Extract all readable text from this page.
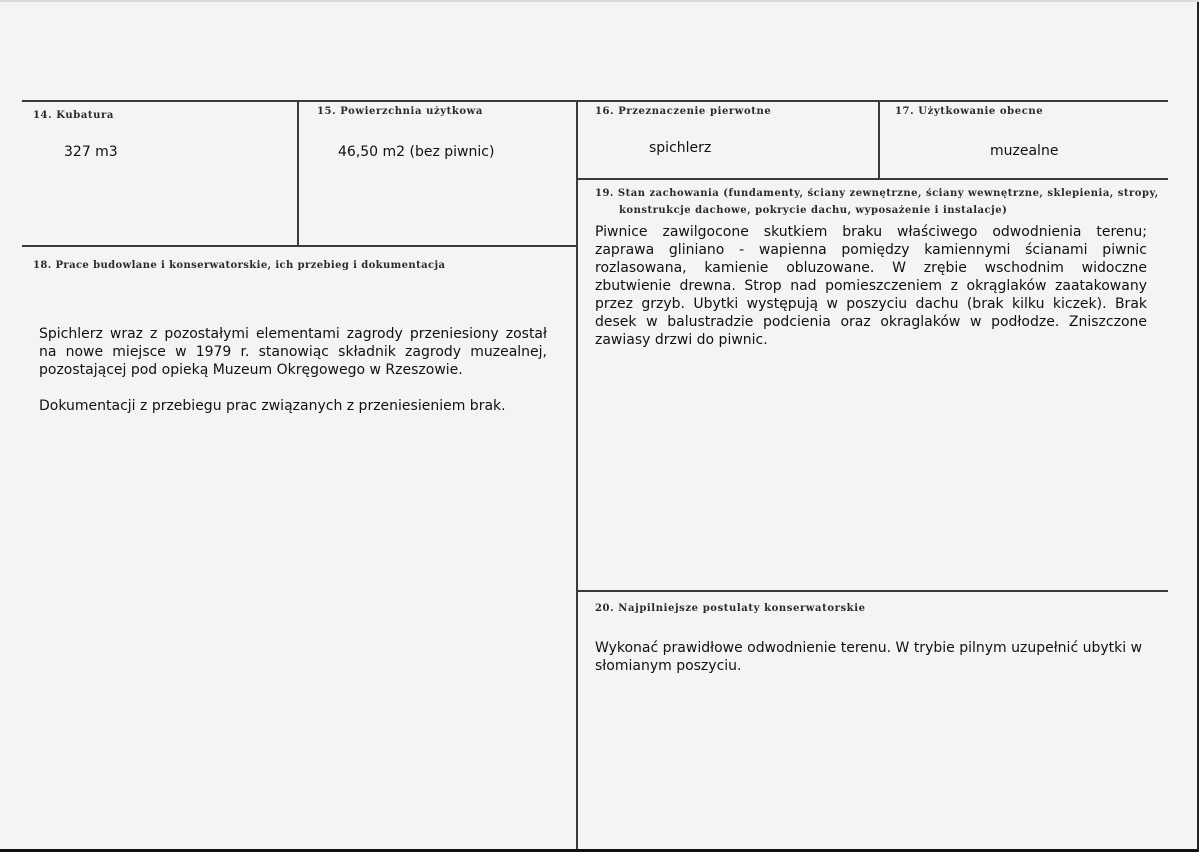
14. Kubatura
327 m3
15. Powierzchnia użytkowa
46,50 m2 (bez piwnic)
16. Przeznaczenie pierwotne
spichlerz
17. Użytkowanie obecne
muzealne
19. Stan zachowania (fundamenty, ściany zewnętrzne, ściany wewnętrzne, sklepienia, stropy,
konstrukcje dachowe, pokrycie dachu, wyposażenie i instalacje)
Piwnice zawilgocone skutkiem braku właściwego odwodnienia terenu; zaprawa gliniano - wapienna pomiędzy kamiennymi ścianami piwnic rozlasowana, kamienie obluzowane. W zrębie wschodnim widoczne zbutwienie drewna. Strop nad pomieszczeniem z okrąglaków zaatakowany przez grzyb. Ubytki występują w poszyciu dachu (brak kilku kiczek). Brak desek w balustradzie podcienia oraz okraglaków w podłodze. Zniszczone zawiasy drzwi do piwnic.
18. Prace budowlane i konserwatorskie, ich przebieg i dokumentacja

Spichlerz wraz z pozostałymi elementami zagrody przeniesiony został na nowe miejsce w 1979 r. stanowiąc składnik zagrody muzealnej, pozostającej pod opieką Muzeum Okręgowego w Rzeszowie.

Dokumentacji z przebiegu prac związanych z przeniesieniem brak.

20. Najpilniejsze postulaty konserwatorskie
Wykonać prawidłowe odwodnienie terenu. W trybie pilnym uzupełnić ubytki w słomianym poszyciu.
